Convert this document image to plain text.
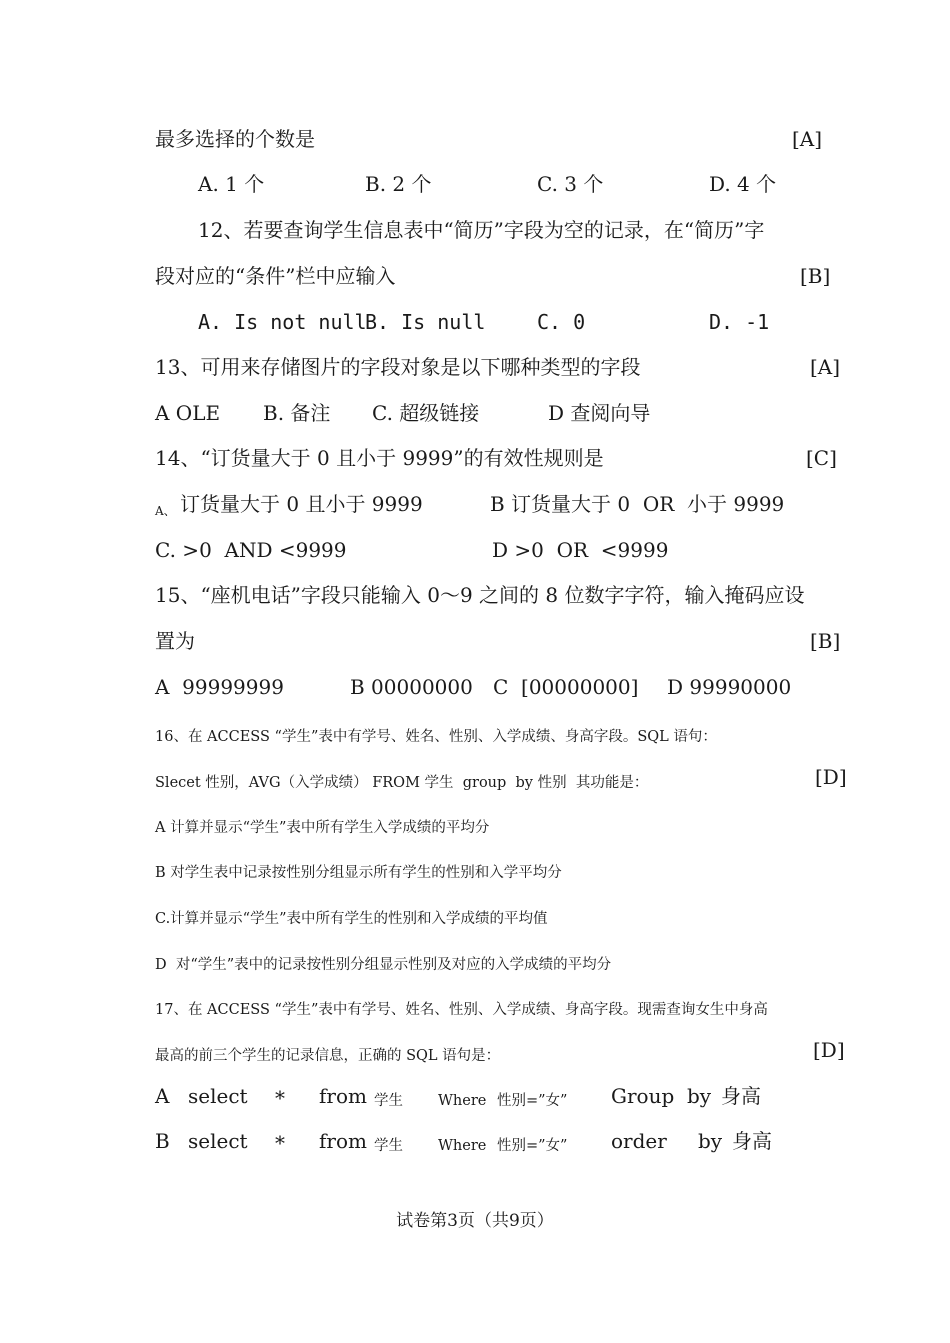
最多选择的个数是	[A]
A. 1 个	B. 2 个	C. 3 个	D. 4 个
12、若要查询学生信息表中“简历”字段为空的记录，在“简历”字
段对应的“条件”栏中应输入	[B]
A. Is not null
B. Is null	C. 0	D. -1
13、可用来存储图片的字段对象是以下哪种类型的字段	[A]
A OLE B. 备注 C. 超级链接	D 查阅向导
14、“订货量大于 0 且小于 9999”的有效性规则是	[C]
A、 订货量大于 0 且小于 9999	B 订货量大于 0  OR  小于 9999
C. >0  AND <9999	D >0  OR  <9999
15、“座机电话”字段只能输入 0～9 之间的 8 位数字字符，输入掩码应设
置为	[B]
A  99999999	B 00000000 C  [00000000] D 99990000
16、在 ACCESS “学生”表中有学号、姓名、性别、入学成绩、身高字段。SQL 语句：
Slecet 性别，AVG（入学成绩） FROM 学生  group  by 性别  其功能是：	[D]
A 计算并显示“学生”表中所有学生入学成绩的平均分
B 对学生表中记录按性别分组显示所有学生的性别和入学平均分
C.计算并显示“学生”表中所有学生的性别和入学成绩的平均值
D  对“学生”表中的记录按性别分组显示性别及对应的入学成绩的平均分
17、在 ACCESS “学生”表中有学号、姓名、性别、入学成绩、身高字段。现需查询女生中身高
最高的前三个学生的记录信息，正确的 SQL 语句是：	[D]
A select * from 学生 Where 性别=”女” Group by 身高
B select * from 学生 Where 性别=”女” order by 身高
试卷第3页（共9页）
